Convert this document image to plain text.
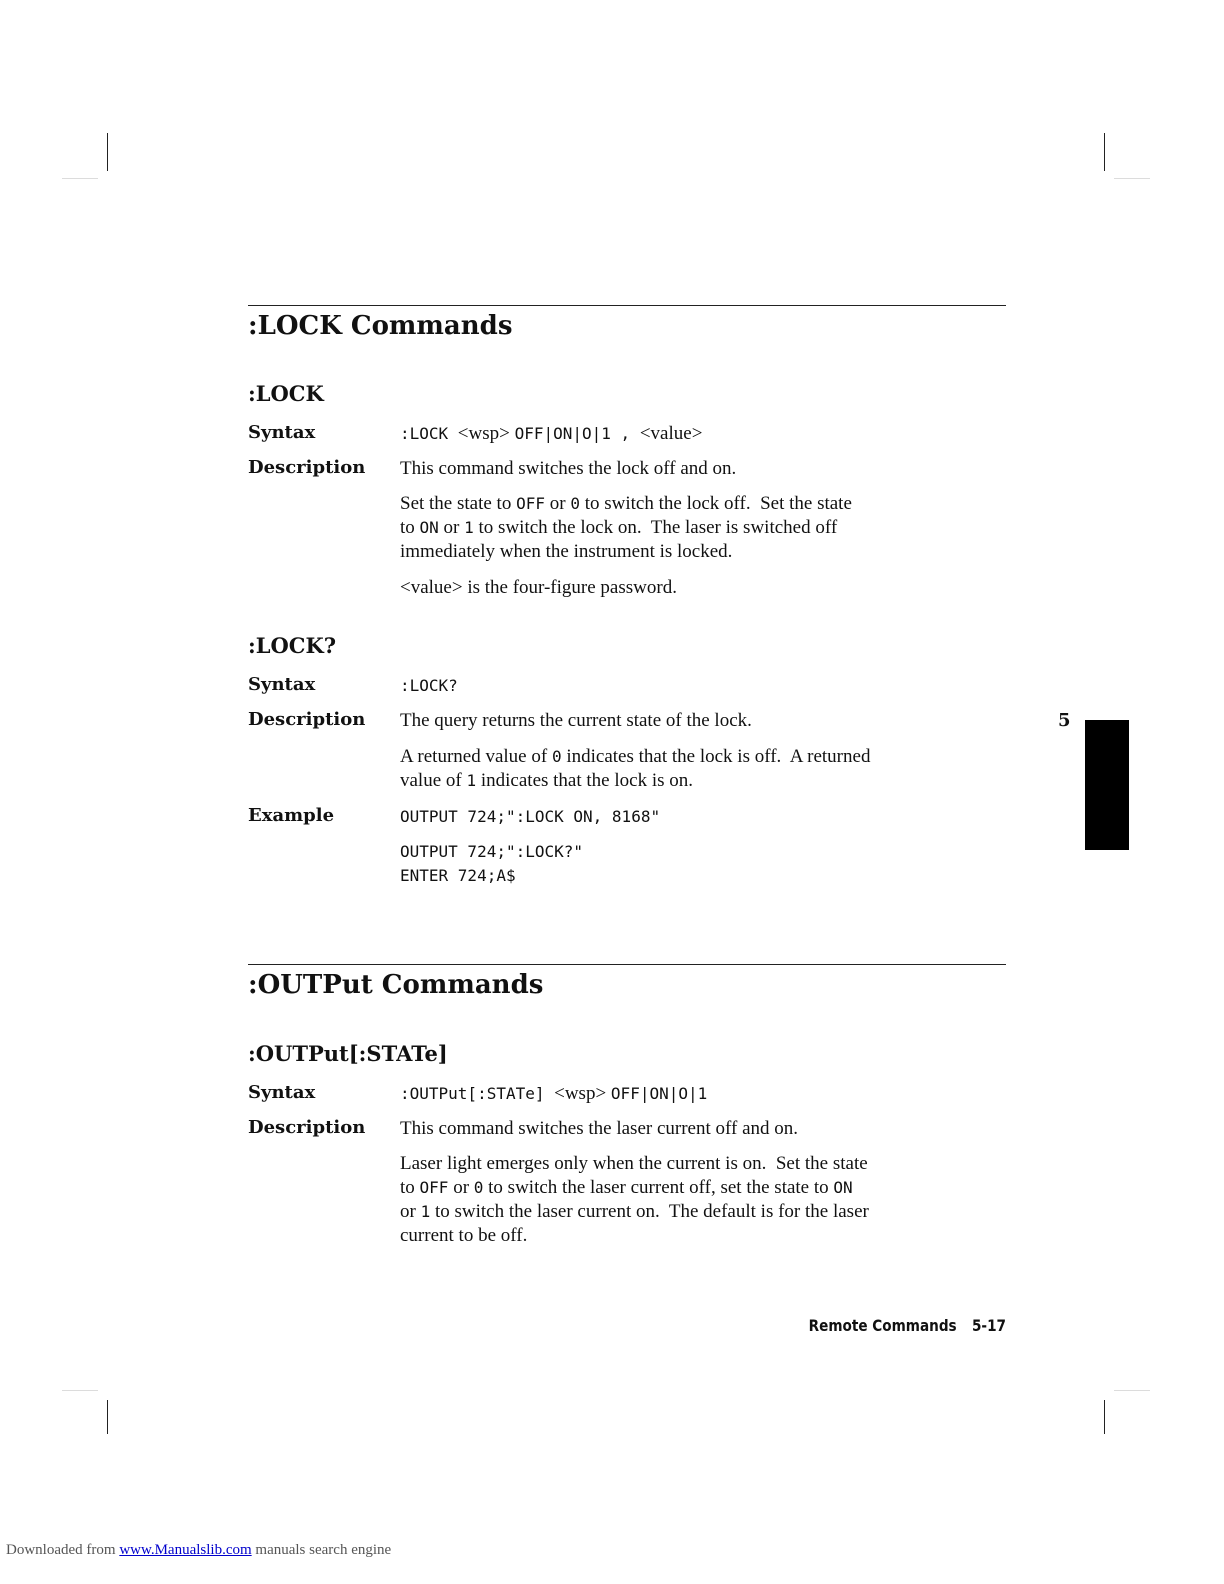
:LOCK Commands
:LOCK
Syntax	:LOCK <wsp> OFF|ON|O|1 , <value>
Description This command switches the lock off and on.
Set the state to OFF or 0 to switch the lock off.  Set the state
to ON or 1 to switch the lock on.  The laser is switched off
immediately when the instrument is locked.
<value> is the four-figure password.
:LOCK?
Syntax	:LOCK?
Description The query returns the current state of the lock.
A returned value of 0 indicates that the lock is off.  A returned
value of 1 indicates that the lock is on.
Example	OUTPUT 724;":LOCK ON, 8168"
OUTPUT 724;":LOCK?"
ENTER 724;A$
5
:OUTPut Commands
:OUTPut[:STATe]
Syntax	:OUTPut[:STATe] <wsp> OFF|ON|O|1
Description This command switches the laser current off and on.
Laser light emerges only when the current is on.  Set the state
to OFF or 0 to switch the laser current off, set the state to ON
or 1 to switch the laser current on.  The default is for the laser
current to be off.
Remote Commands 5-17
Downloaded from www.Manualslib.com manuals search engine
